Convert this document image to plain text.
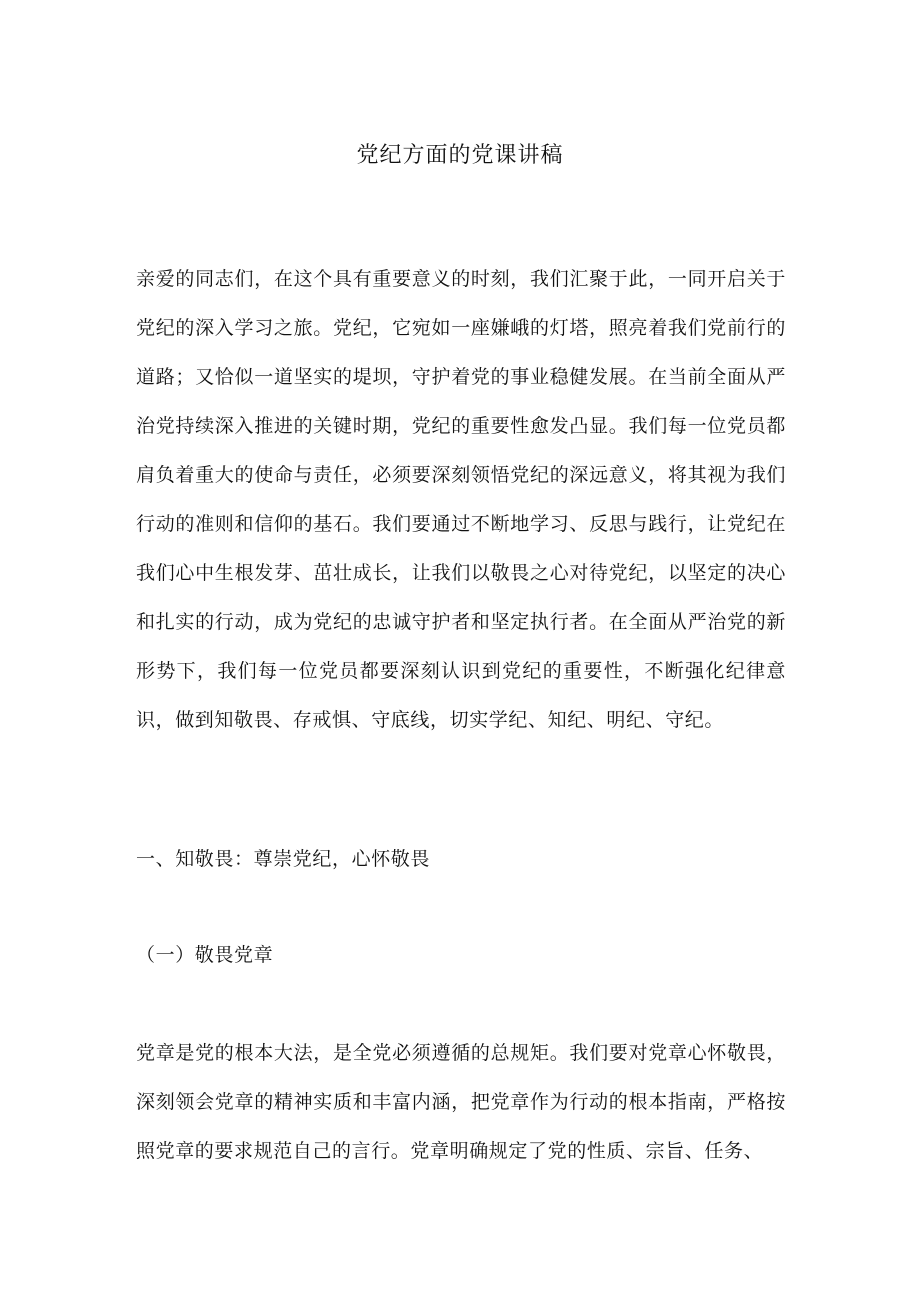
党纪方面的党课讲稿

亲爱的同志们，在这个具有重要意义的时刻，我们汇聚于此，一同开启关于党纪的深入学习之旅。党纪，它宛如一座嫌峨的灯塔，照亮着我们党前行的道路；又恰似一道坚实的堤坝，守护着党的事业稳健发展。在当前全面从严治党持续深入推进的关键时期，党纪的重要性愈发凸显。我们每一位党员都肩负着重大的使命与责任，必须要深刻领悟党纪的深远意义，将其视为我们行动的准则和信仰的基石。我们要通过不断地学习、反思与践行，让党纪在我们心中生根发芽、茁壮成长，让我们以敬畏之心对待党纪，以坚定的决心和扎实的行动，成为党纪的忠诚守护者和坚定执行者。在全面从严治党的新形势下，我们每一位党员都要深刻认识到党纪的重要性，不断强化纪律意识，做到知敬畏、存戒惧、守底线，切实学纪、知纪、明纪、守纪。

一、知敬畏：尊崇党纪，心怀敬畏

（一）敬畏党章

党章是党的根本大法，是全党必须遵循的总规矩。我们要对党章心怀敬畏，深刻领会党章的精神实质和丰富内涵，把党章作为行动的根本指南，严格按照党章的要求规范自己的言行。党章明确规定了党的性质、宗旨、任务、
